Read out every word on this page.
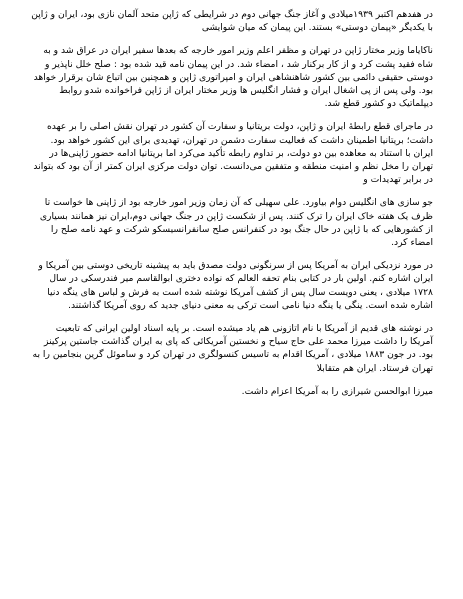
در هفدهم اکتبر ۱۹۳۹میلادی و آغاز جنگ جهانی دوم در شرایطی که ژاپن متحد آلمان نازی بود، ایران و ژاپن با یکدیگر «پیمان دوستی» بستند. این پیمان که میان شوایشی

ناکایاما وزیر مختار ژاپن در تهران و مظفر اعلم وزیر امور خارجه که بعدها سفیر ایران در عراق شد و به شاه فقید پشت کرد و از کار برکنار شد ، امضاء شد. در این پیمان نامه قید شده بود : صلح خلل ناپذیر و دوستی حقیقی دائمی بین کشور شاهنشاهی ایران و امپراتوری ژاپن و همچنین بین اتباع شان برقرار خواهد بود. ولی پس از پی اشغال ایران و فشار انگلیس ها وزیر مختار ایران از ژاپن فراخوانده شدو روابط دیپلماتیک دو کشور قطع شد.

در ماجرای قطع رابطهٔ ایران و ژاپن، دولت بریتانیا و سفارت آن کشور در تهران نقش اصلی را بر عهده داشت؛ بریتانیا اطمینان داشت که فعالیت سفارت دشمن در تهران، تهدیدی برای این کشور خواهد بود. ایران با استناد به معاهده بین دو دولت، بر تداوم رابطه تأکید می‌کرد اما بریتانیا ادامه حضور ژاپنی‌ها در تهران را مخل نظم و امنیت منطقه و متفقین می‌دانست. توان دولت مرکزی ایران کمتر از آن بود که بتواند در برابر تهدیدات و

جو سازی های انگلیس دوام بیاورد. علی سهیلی که آن زمان وزیر امور خارجه بود از ژاپنی ها خواست تا ظرف یک هفته خاک ایران را ترک کنند. پس از شکست ژاپن در جنگ جهانی دوم،ایران نیز همانند بسیاری از کشورهایی که با ژاپن در حال جنگ بود در کنفرانس صلح سانفرانسیسکو شرکت و عهد نامه صلح را امضاء کرد.

در مورد نزدیکی ایران به آمریکا پس از سرنگونی دولت مصدق باید به پیشینه تاریخی دوستی بین آمریکا و ایران اشاره کنم. اولین بار در کتابی بنام تحفه العالم که نواده دختری ابوالقاسم میر فندرسکی در سال ۱۷۲۸ میلادی ، یعنی دویست سال پس از کشف آمریکا نوشته شده است به فرش و لباس های ینگه دنیا اشاره شده است. ینگی یا ینگه دنیا نامی است ترکی به معنی دنیای جدید که روی آمریکا گذاشتند.

در نوشته های قدیم از آمریکا با نام اتازونی هم یاد میشده است. بر پایه اسناد اولین ایرانی که تابعیت آمریکا را داشت میرزا محمد علی حاج سیاح و نخستین آمریکائی که پای به ایران گذاشت جاستین پرکینز بود. در جون ۱۸۸۳ میلادی ، آمریکا اقدام به تاسیس کنسولگری در تهران کرد و ساموئل گرین بنجامین را به تهران فرستاد. ایران هم متقابلا

میرزا ابوالحسن شیرازی را به آمریکا اعزام داشت.
